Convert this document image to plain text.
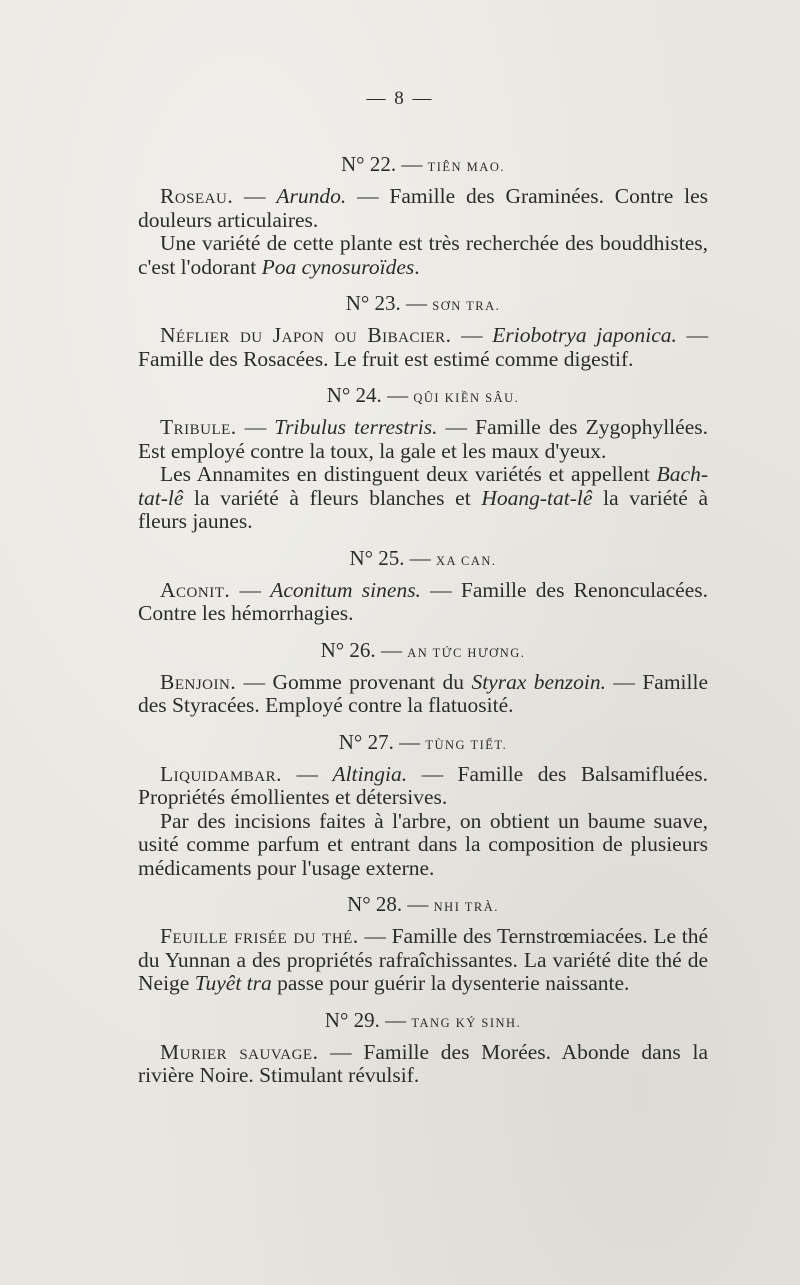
— 8 —
N° 22. — TIÊN MAO.

Roseau. — Arundo. — Famille des Graminées. Contre les douleurs articulaires.

Une variété de cette plante est très recherchée des bouddhistes, c'est l'odorant Poa cynosuroïdes.

N° 23. — SƠN TRA.

Néflier du Japon ou Bibacier. — Eriobotrya japonica. — Famille des Rosacées. Le fruit est estimé comme digestif.

N° 24. — QÛI KIỀN SÂU.

Tribule. — Tribulus terrestris. — Famille des Zygophyllées. Est employé contre la toux, la gale et les maux d'yeux.

Les Annamites en distinguent deux variétés et appellent Bach-tat-lê la variété à fleurs blanches et Hoang-tat-lê la variété à fleurs jaunes.

N° 25. — XA CAN.

Aconit. — Aconitum sinens. — Famille des Renonculacées. Contre les hémorrhagies.

N° 26. — AN TỨC HƯƠNG.

Benjoin. — Gomme provenant du Styrax benzoin. — Famille des Styracées. Employé contre la flatuosité.

N° 27. — TÙNG TIẾT.

Liquidambar. — Altingia. — Famille des Balsamifluées. Propriétés émollientes et détersives.

Par des incisions faites à l'arbre, on obtient un baume suave, usité comme parfum et entrant dans la composition de plusieurs médicaments pour l'usage externe.

N° 28. — NHI TRÀ.

Feuille frisée du thé. — Famille des Ternstrœmiacées. Le thé du Yunnan a des propriétés rafraîchissantes. La variété dite thé de Neige Tuyêt tra passe pour guérir la dysenterie naissante.

N° 29. — TANG KÝ SINH.

Murier sauvage. — Famille des Morées. Abonde dans la rivière Noire. Stimulant révulsif.
